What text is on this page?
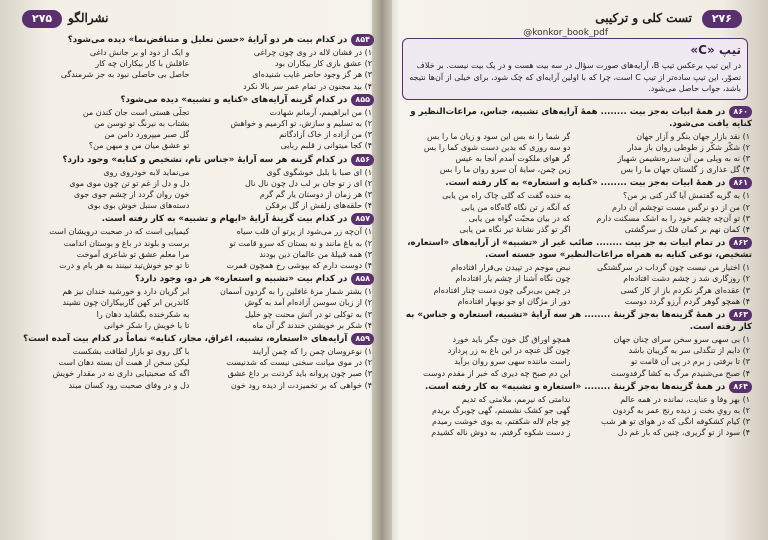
۲۷۵	نشرالگو
۸۵۴در کدام بیت هر دو آرایهٔ «حسن تعلیل و متناقض‌نما» دیده می‌شود؟
۱) در فشان لاله در وی چون چراغی
و ایک از دود او بر جانش داغی
۲) عشق بازی کار بیکاران بود
عاقلش با کار بیکاران چه کار
۳) هر گز وجود حاضر غایب شنیده‌ای
حاصل بی حاصلی نبود به جز شرمندگی
۴) بید مجنون در تمام عمر سر بالا نکرد
۸۵۵در کدام گزینه آرایه‌های «کنایه و تشبیه» دیده می‌شود؟
۱) من ابراهیمم، آرمانم شهادت
تجلّی هستی است جان کندن من
۲) به تسلیم و سازش، تو اکرمیم و خواهش
بشتاب به نیرنگ تو توسن من
۳) من آزاده از خاک آزادگانم
گل صبر میپرورد دامن من
۴) کجا میتوانی ز قلبم ربایی
تو عشق میان من و میهن من؟
۸۵۶در کدام گزینه هر سه آرایهٔ «جناس تام، تشخیص و کنایه» وجود دارد؟
۱) ای صبا با بلبل خوشگوی گوی
می‌نماید لابه خودروی روی
۲) ای ز تو جان بر لب دل چون نال نال
دل و دل از غم تو تن چون موی موی
۳) هر زمان از دوستان یار گم گرم
خون روان گردد از چشم جوی جوی
۴) حلقه‌های زلفش از گل برفکن
دسته‌های سنبل خوش بوی بوی
۸۵۷در کدام بیت گزینهٔ آرایهٔ «ایهام و تشبیه» به کار رفته است.
۱) آن‌چه زر می‌شود از پرتو آن قلب سیاه
کیمیایی است که در صحبت درویشان است
۲) به باغ مانند و نه بستان که سرو قامت تو
برست و بلوند در باغ و بوستان اندامت
۳) همه قبیلهٔ من عالمان دین بودند
مرا معلم عشق تو شاعری آموخت
۴) دوست دارم که بپوشی رخ همچون قمرت
تا تو جو خوش‌تید نبینند به هر بام و درت
۸۵۸در کدام بیت «تشبیه و استعاره» هر دو، وجود دارد؟
۱) بشتر شمار مزهٔ غافلین را به گردون آسمان
ابر گریان دارد و خورشید خندان نیز هم
۲) از زبان سوسن آزاده‌ام آمد به گوش
کاندرین ابر کهن گاربیکاران چون نشیند
۳) به توکلی تو در آتش محنت چو خلیل
به شکرخنده بگشاید دهان را
۴) شکر بر خویشتن خندند گر آن ماه
تا با خویش را شکر خوانی
۸۵۹آرایه‌های «استعاره، تشبیه، اغراق، مجاز، کنایه» تماماً در کدام بیت آمده است؟
۱) نوعروسان چمن را که چمن آرایند
با گل روی تو بازار لطافت بشکست
۲) در موی میانت سخنی نیست که شدنیست
لیکن سخن از همت آن بسته دهان است
۳) صبر چون پروانه باید کردنت بر داغ عشق
اگه که صحبتیابی داری نه در مقدار خویش
۴) خواهی که بر تخمیزدت از دیده رود خون
دل و در وفای صحبت رود کسان مبند
۲۷۶
تست کلی و ترکیبی
@konkor_book_pdf
تیپ «C»
در این تیپ برعکس تیپ B، آرایه‌های صورت سؤال در سه بیت هست و در یک بیت نیست. بر خلاف تصوّر، این تیپ ساده‌تر از تیپ C است، چرا که با اولین آرایه‌ای که چک شود، برای خیلی از آن‌ها نتیجه باشد، جواب حاصل می‌شود.
۸۶۰در همهٔ ابیات به‌جز بیت ........ همهٔ آرایه‌های تشبیه، جناس، مراعات‌النظیر و کنایه یافت می‌شود.
۱) نقد بازار جهان بنگر و آزار جهان
گر شما را نه بس این سود و زیان ما را بس
۲) شکّر شکّر ز طوطی روان باز مدار
دو سه روزی که بدین دست شوی کما را بس
۳) نه به ویلی من آن سدره‌نشیمن شهباز
گر هوای ملکوت آمدم آنجا به عیس
۴) گل عذاری ز گلستان جهان ما را بس
زین چمن، سایهٔ آن سرو روان ما را بس
۸۶۱در همهٔ ابیات به‌جز بیت ........ «کنایه و استعاره» به کار رفته است.
۱) به گریه گفتمش آیا گذر کنی بر من؟
به خنده گفت که گلی چاک راه من یابی
۲) من از دو نرگس مست توچشم آن دارم
که آنگه ز تن نگاه گاه‌گاه من یابی
۳) تو آن‌چه چشم خود را به اشک مسکنت دارم
که در بیان محبّت گواه من یابی
۴) کمان نهم بر کمان فلک ز سرگشتی
اگر تو گذر نشانهٔ تیر نگاه من یابی
۸۶۲در تمام ابیات به جز بیت ........ صائب غیر از «تشبیه» از آرایه‌های «استعاره، تشخیص، نوعی کنایه به همراه مراعات‌النظیر» سود جسته است.
۱) اختیار من نیست چون گرداب در سرگشتگی
نبض موجم در تپیدن بی‌قرار افتاده‌ام
۲) روزگاری شد ز چشم دشت افتاده‌ام
چون نگاه آشنا از چشم یار افتاده‌ام
۳) عقده‌ای هرگز نکردم باز از کار کسی
در چمن بی‌برگی چون دست چنار افتاده‌ام
۴) همچو گوهر گردم آرزو گردد دوست
دور از مژگان او جو نوبهار افتاده‌ام
۸۶۳در همهٔ گزینه‌ها به‌جز گزینهٔ ........ هر سه آرایهٔ «تشبیه، استعاره و جناس» به کار رفته است.
۱) بی سهی سرو سخن سرای چنان جهان
همچو اوراق گل خون جگر باید خورد
۲) دایم از تنگدلی سر به گریبان باشد
چون گل غنچه در این باغ به زر پردازد
۳) تا برفتی ز برم در پی آن قامت تو
راست ماننده سهی سرو روان برآید
۴) صبح می‌شنیدم مرگ به کشا گرفدوست
این دم صبح چه دیری که خبر از مقدم دوست
۸۶۴در همهٔ گزینه‌ها به‌جز گزینهٔ ........ «استعاره و تشبیه» به کار رفته است.
۱) بهر وفا و عنایت، نمانده در همه عالم
ندامتی که نیرمم، ملامتی که تدیم
۲) به رویِ بخت ز دیده رنج عمر به گردون
گهی جو کشک نشستم، گهی چوبرگ بریدم
۳) کیام کشکوفه انگی که در هوای تو هر شب
چو جام لاله شکفتم، به بوی خوشت رمیدم
۴) سود از تو گزیری، چنین که بار غم دل
ز دست شکوه گرفتم، به دوش ناله کشیدم
